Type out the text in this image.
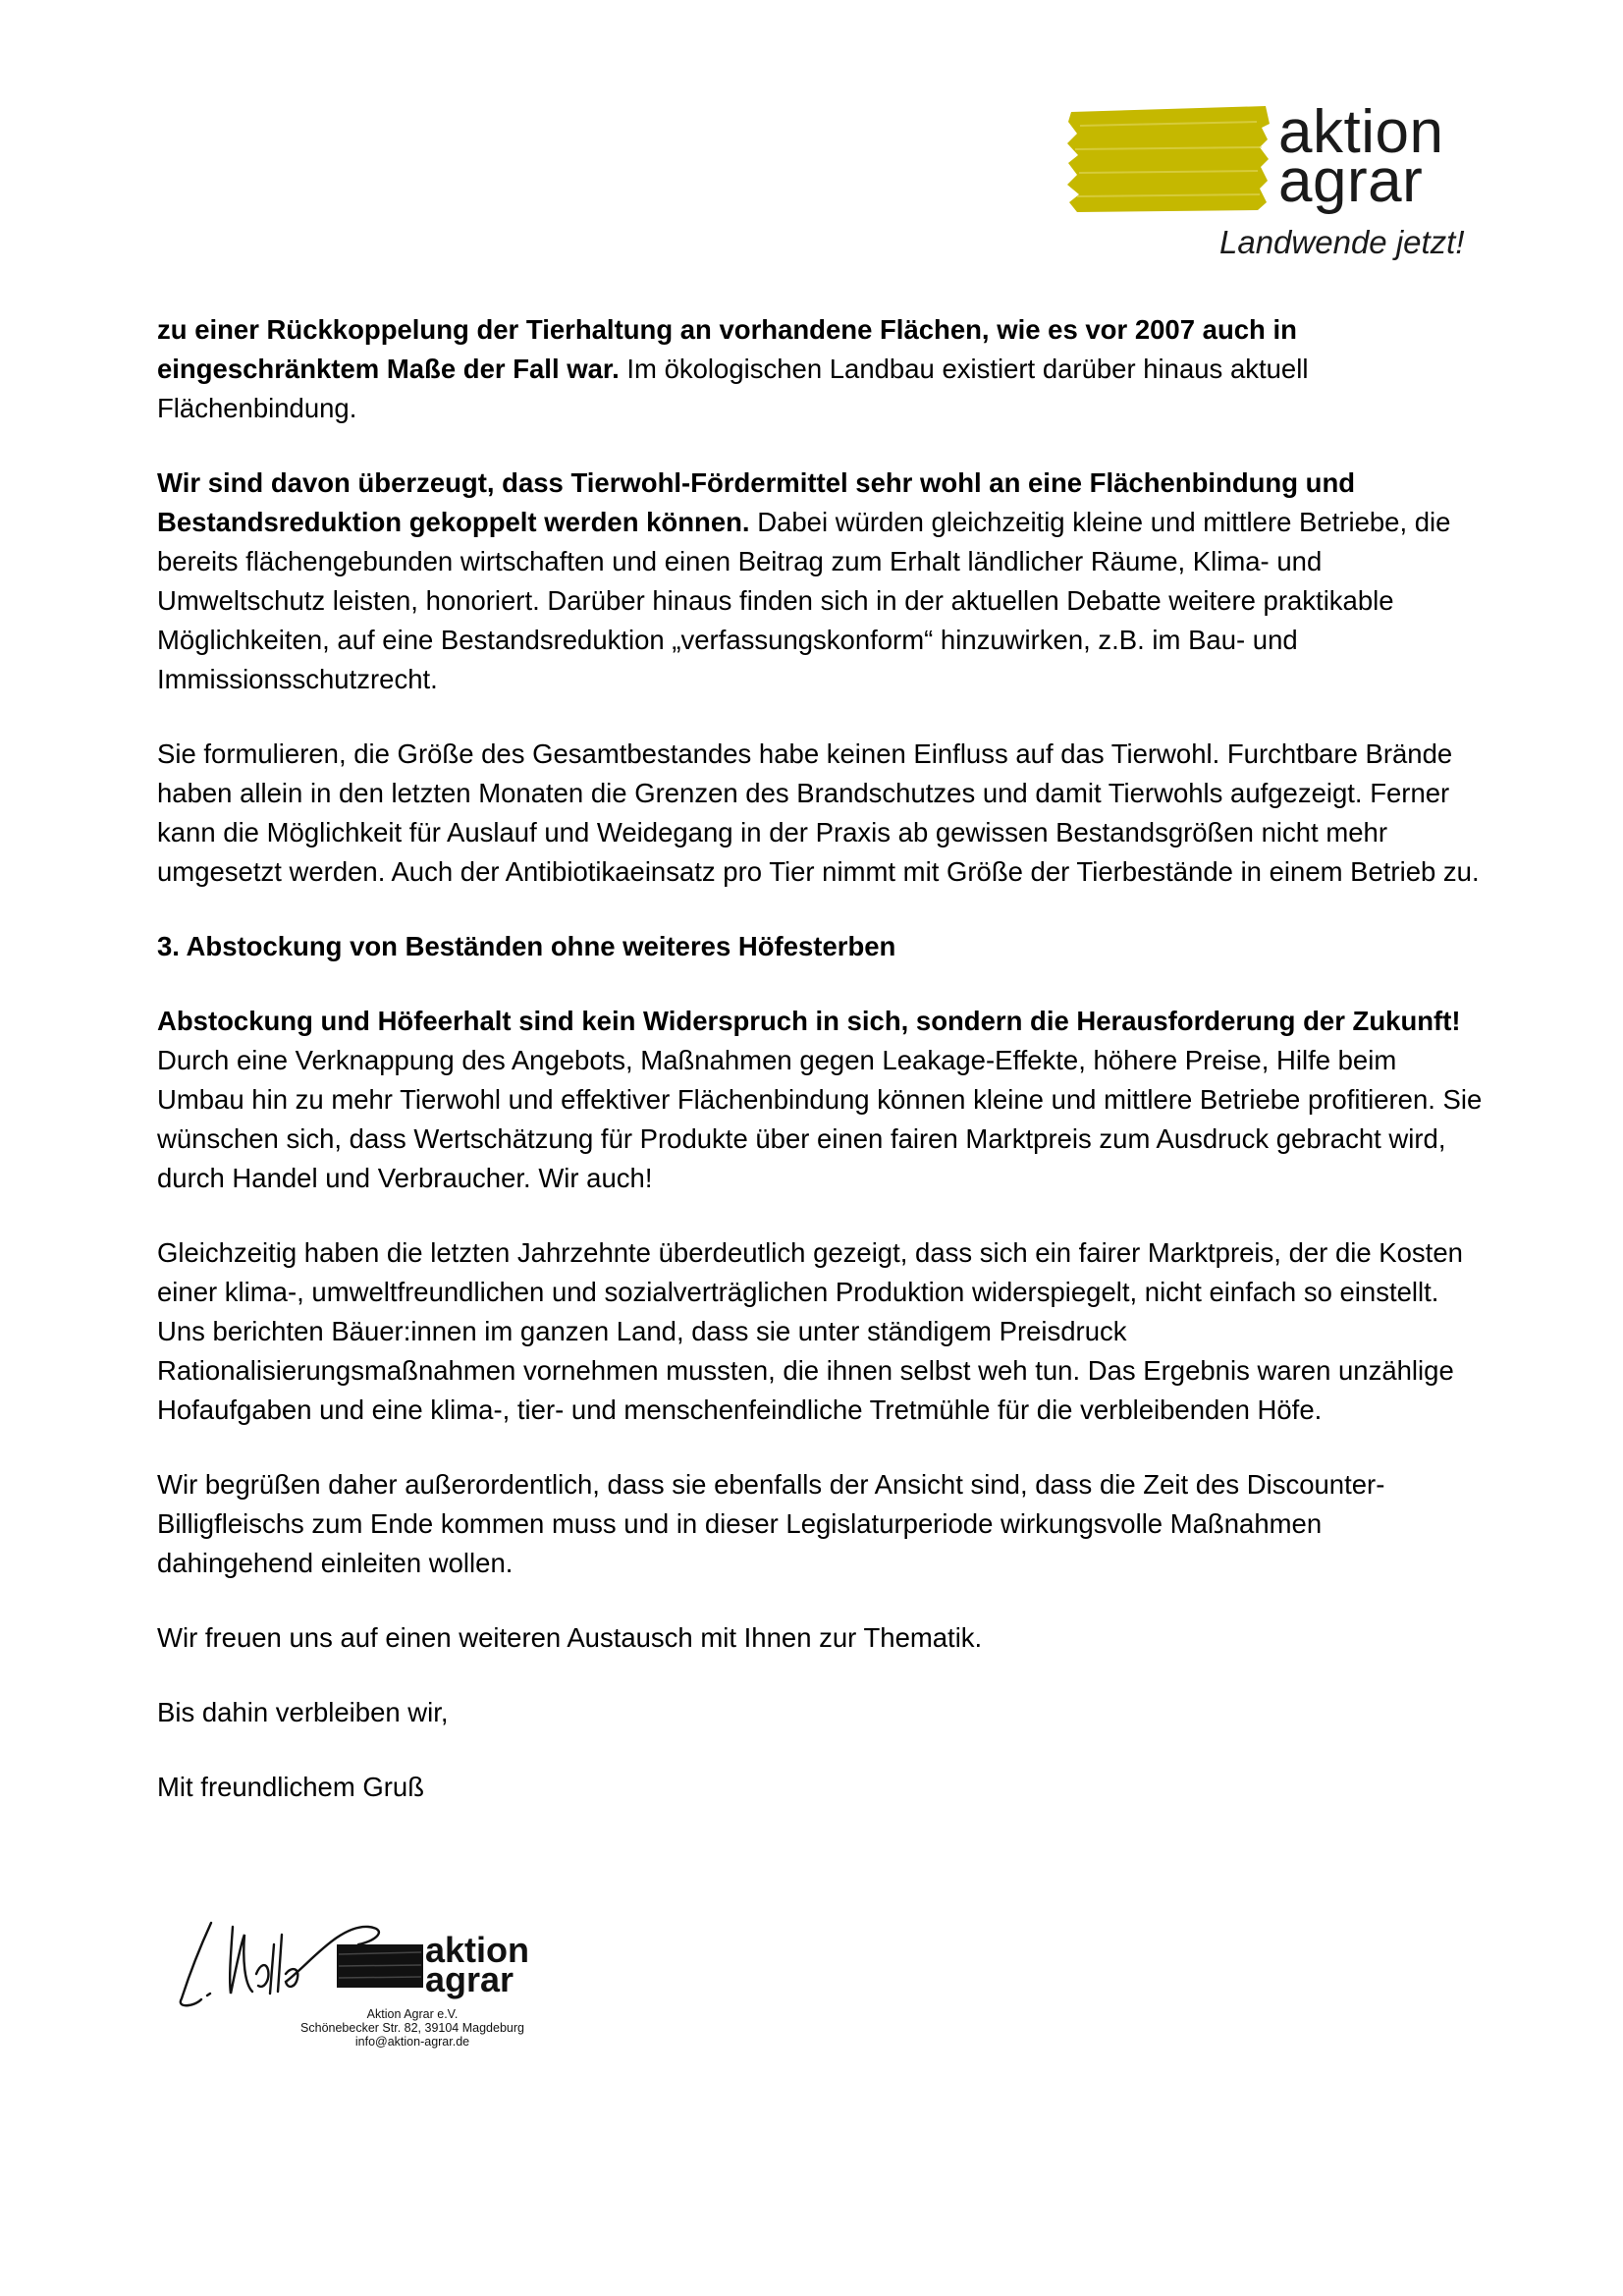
aktion
agrar
Landwende jetzt!

zu einer Rückkoppelung der Tierhaltung an vorhandene Flächen, wie es vor 2007 auch in eingeschränktem Maße der Fall war. Im ökologischen Landbau existiert darüber hinaus aktuell Flächenbindung.

Wir sind davon überzeugt, dass Tierwohl-Fördermittel sehr wohl an eine Flächenbindung und Bestandsreduktion gekoppelt werden können. Dabei würden gleichzeitig kleine und mittlere Betriebe, die bereits flächengebunden wirtschaften und einen Beitrag zum Erhalt ländlicher Räume, Klima- und Umweltschutz leisten, honoriert. Darüber hinaus finden sich in der aktuellen Debatte weitere praktikable Möglichkeiten, auf eine Bestandsreduktion „verfassungskonform“ hinzuwirken, z.B. im Bau- und Immissionsschutzrecht.

Sie formulieren, die Größe des Gesamtbestandes habe keinen Einfluss auf das Tierwohl. Furchtbare Brände haben allein in den letzten Monaten die Grenzen des Brandschutzes und damit Tierwohls aufgezeigt. Ferner kann die Möglichkeit für Auslauf und Weidegang in der Praxis ab gewissen Bestandsgrößen nicht mehr umgesetzt werden. Auch der Antibiotikaeinsatz pro Tier nimmt mit Größe der Tierbestände in einem Betrieb zu.

3. Abstockung von Beständen ohne weiteres Höfesterben

Abstockung und Höfeerhalt sind kein Widerspruch in sich, sondern die Herausforderung der Zukunft! Durch eine Verknappung des Angebots, Maßnahmen gegen Leakage-Effekte, höhere Preise, Hilfe beim Umbau hin zu mehr Tierwohl und effektiver Flächenbindung können kleine und mittlere Betriebe profitieren. Sie wünschen sich, dass Wertschätzung für Produkte über einen fairen Marktpreis zum Ausdruck gebracht wird, durch Handel und Verbraucher. Wir auch!

Gleichzeitig haben die letzten Jahrzehnte überdeutlich gezeigt, dass sich ein fairer Marktpreis, der die Kosten einer klima-, umweltfreundlichen und sozialverträglichen Produktion widerspiegelt, nicht einfach so einstellt. Uns berichten Bäuer:innen im ganzen Land, dass sie unter ständigem Preisdruck Rationalisierungsmaßnahmen vornehmen mussten, die ihnen selbst weh tun. Das Ergebnis waren unzählige Hofaufgaben und eine klima-, tier- und menschenfeindliche Tretmühle für die verbleibenden Höfe.

Wir begrüßen daher außerordentlich, dass sie ebenfalls der Ansicht sind, dass die Zeit des Discounter-Billigfleischs zum Ende kommen muss und in dieser Legislaturperiode wirkungsvolle Maßnahmen dahingehend einleiten wollen.

Wir freuen uns auf einen weiteren Austausch mit Ihnen zur Thematik.

Bis dahin verbleiben wir,

Mit freundlichem Gruß

aktion
agrar
Aktion Agrar e.V.
Schönebecker Str. 82, 39104 Magdeburg
info@aktion-agrar.de
